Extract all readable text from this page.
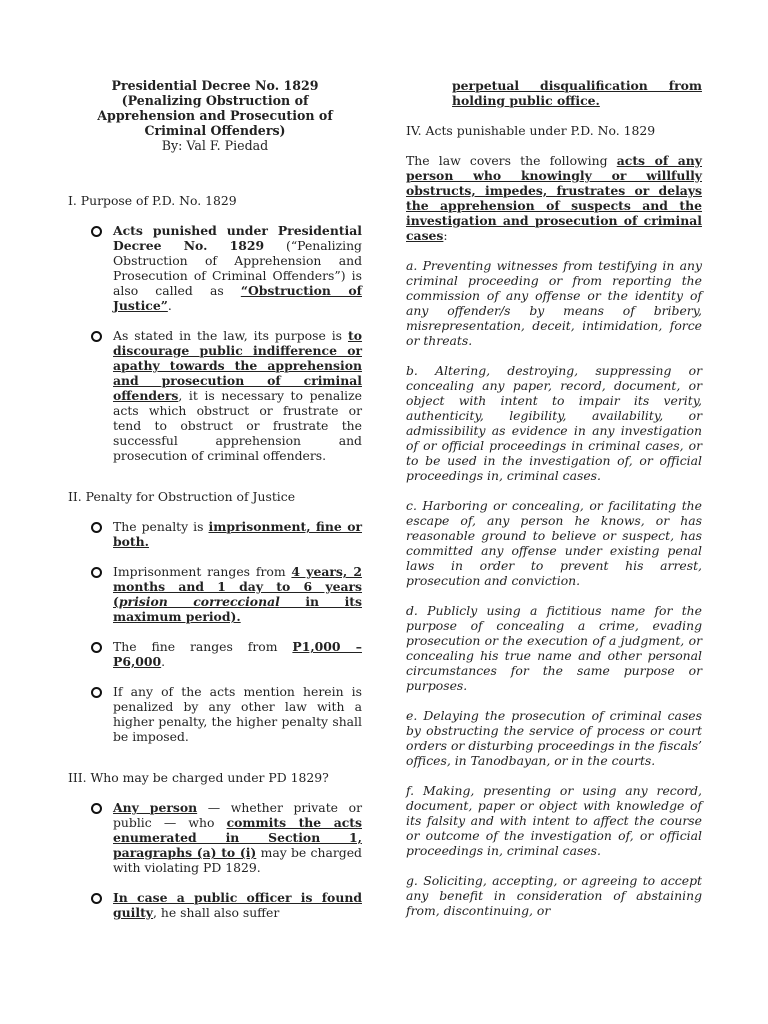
Presidential Decree No. 1829
(Penalizing Obstruction of
Apprehension and Prosecution of
Criminal Offenders)
By: Val F. Piedad

I. Purpose of P.D. No. 1829

Acts punished under Presidential Decree No. 1829 (“Penalizing Obstruction of Apprehension and Prosecution of Criminal Offenders”) is also called as “Obstruction of Justice”.
As stated in the law, its purpose is to discourage public indifference or apathy towards the apprehension and prosecution of criminal offenders, it is necessary to penalize acts which obstruct or frustrate or tend to obstruct or frustrate the successful apprehension and prosecution of criminal offenders.

II. Penalty for Obstruction of Justice

The penalty is imprisonment, fine or both.
Imprisonment ranges from 4 years, 2 months and 1 day to 6 years (prision correccional in its maximum period).
The fine ranges from P1,000 – P6,000.
If any of the acts mention herein is penalized by any other law with a higher penalty, the higher penalty shall be imposed.

III. Who may be charged under PD 1829?

Any person — whether private or public — who commits the acts enumerated in Section 1, paragraphs (a) to (i) may be charged with violating PD 1829.
In case a public officer is found guilty, he shall also suffer
perpetual disqualification from holding public office.

IV. Acts punishable under P.D. No. 1829

The law covers the following acts of any person who knowingly or willfully obstructs, impedes, frustrates or delays the apprehension of suspects and the investigation and prosecution of criminal cases:

a. Preventing witnesses from testifying in any criminal proceeding or from reporting the commission of any offense or the identity of any offender/s by means of bribery, misrepresentation, deceit, intimidation, force or threats.

b. Altering, destroying, suppressing or concealing any paper, record, document, or object with intent to impair its verity, authenticity, legibility, availability, or admissibility as evidence in any investigation of or official proceedings in criminal cases, or to be used in the investigation of, or official proceedings in, criminal cases.

c. Harboring or concealing, or facilitating the escape of, any person he knows, or has reasonable ground to believe or suspect, has committed any offense under existing penal laws in order to prevent his arrest, prosecution and conviction.

d. Publicly using a fictitious name for the purpose of concealing a crime, evading prosecution or the execution of a judgment, or concealing his true name and other personal circumstances for the same purpose or purposes.

e. Delaying the prosecution of criminal cases by obstructing the service of process or court orders or disturbing proceedings in the fiscals’ offices, in Tanodbayan, or in the courts.

f. Making, presenting or using any record, document, paper or object with knowledge of its falsity and with intent to affect the course or outcome of the investigation of, or official proceedings in, criminal cases.

g. Soliciting, accepting, or agreeing to accept any benefit in consideration of abstaining from, discontinuing, or
